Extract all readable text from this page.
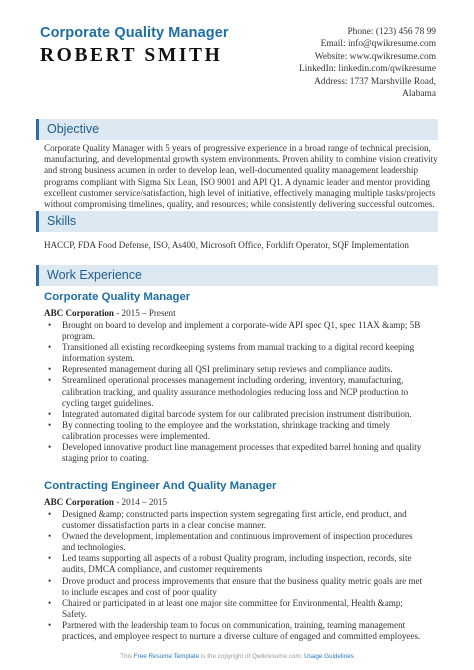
Corporate Quality Manager
ROBERT SMITH
Phone: (123) 456 78 99
Email: info@qwikresume.com
Website: www.qwikresume.com
LinkedIn: linkedin.com/qwikresume
Address: 1737 Marshville Road,
Alabama
Objective
Corporate Quality Manager with 5 years of progressive experience in a broad range of technical precision, manufacturing, and developmental growth system environments. Proven ability to combine vision creativity and strong business acumen in order to develop lean, well-documented quality management leadership programs compliant with Sigma Six Lean, ISO 9001 and API Q1. A dynamic leader and mentor providing excellent customer service/satisfaction, high level of initiative, effectively managing multiple tasks/projects without compromising timelines, quality, and resources; while consistently delivering successful outcomes.
Skills
HACCP, FDA Food Defense, ISO, As400, Microsoft Office, Forklift Operator, SQF Implementation
Work Experience
Corporate Quality Manager
ABC Corporation - 2015 – Present
• Brought on board to develop and implement a corporate-wide API spec Q1, spec 11AX &amp; 5B program.
• Transitioned all existing recordkeeping systems from manual tracking to a digital record keeping information system.
• Represented management during all QSI preliminary setup reviews and compliance audits.
• Streamlined operational processes management including ordering, inventory, manufacturing, calibration tracking, and quality assurance methodologies reducing loss and NCP production to cycling target guidelines.
• Integrated automated digital barcode system for our calibrated precision instrument distribution.
• By connecting tooling to the employee and the workstation, shrinkage tracking and timely calibration processes were implemented.
• Developed innovative product line management processes that expedited barrel honing and quality staging prior to coating.
Contracting Engineer And Quality Manager
ABC Corporation - 2014 – 2015
• Designed &amp; constructed parts inspection system segregating first article, end product, and customer dissatisfaction parts in a clear concise manner.
• Owned the development, implementation and continuous improvement of inspection procedures and technologies.
• Led teams supporting all aspects of a robust Quality program, including inspection, records, site audits, DMCA compliance, and customer requirements
• Drove product and process improvements that ensure that the business quality metric goals are met to include escapes and cost of poor quality
• Chaired or participated in at least one major site committee for Environmental, Health &amp; Safety.
• Partnered with the leadership team to focus on communication, training, teaming management practices, and employee respect to nurture a diverse culture of engaged and committed employees.
This Free Resume Template is the copyright of Qwikresume.com. Usage Guidelines
